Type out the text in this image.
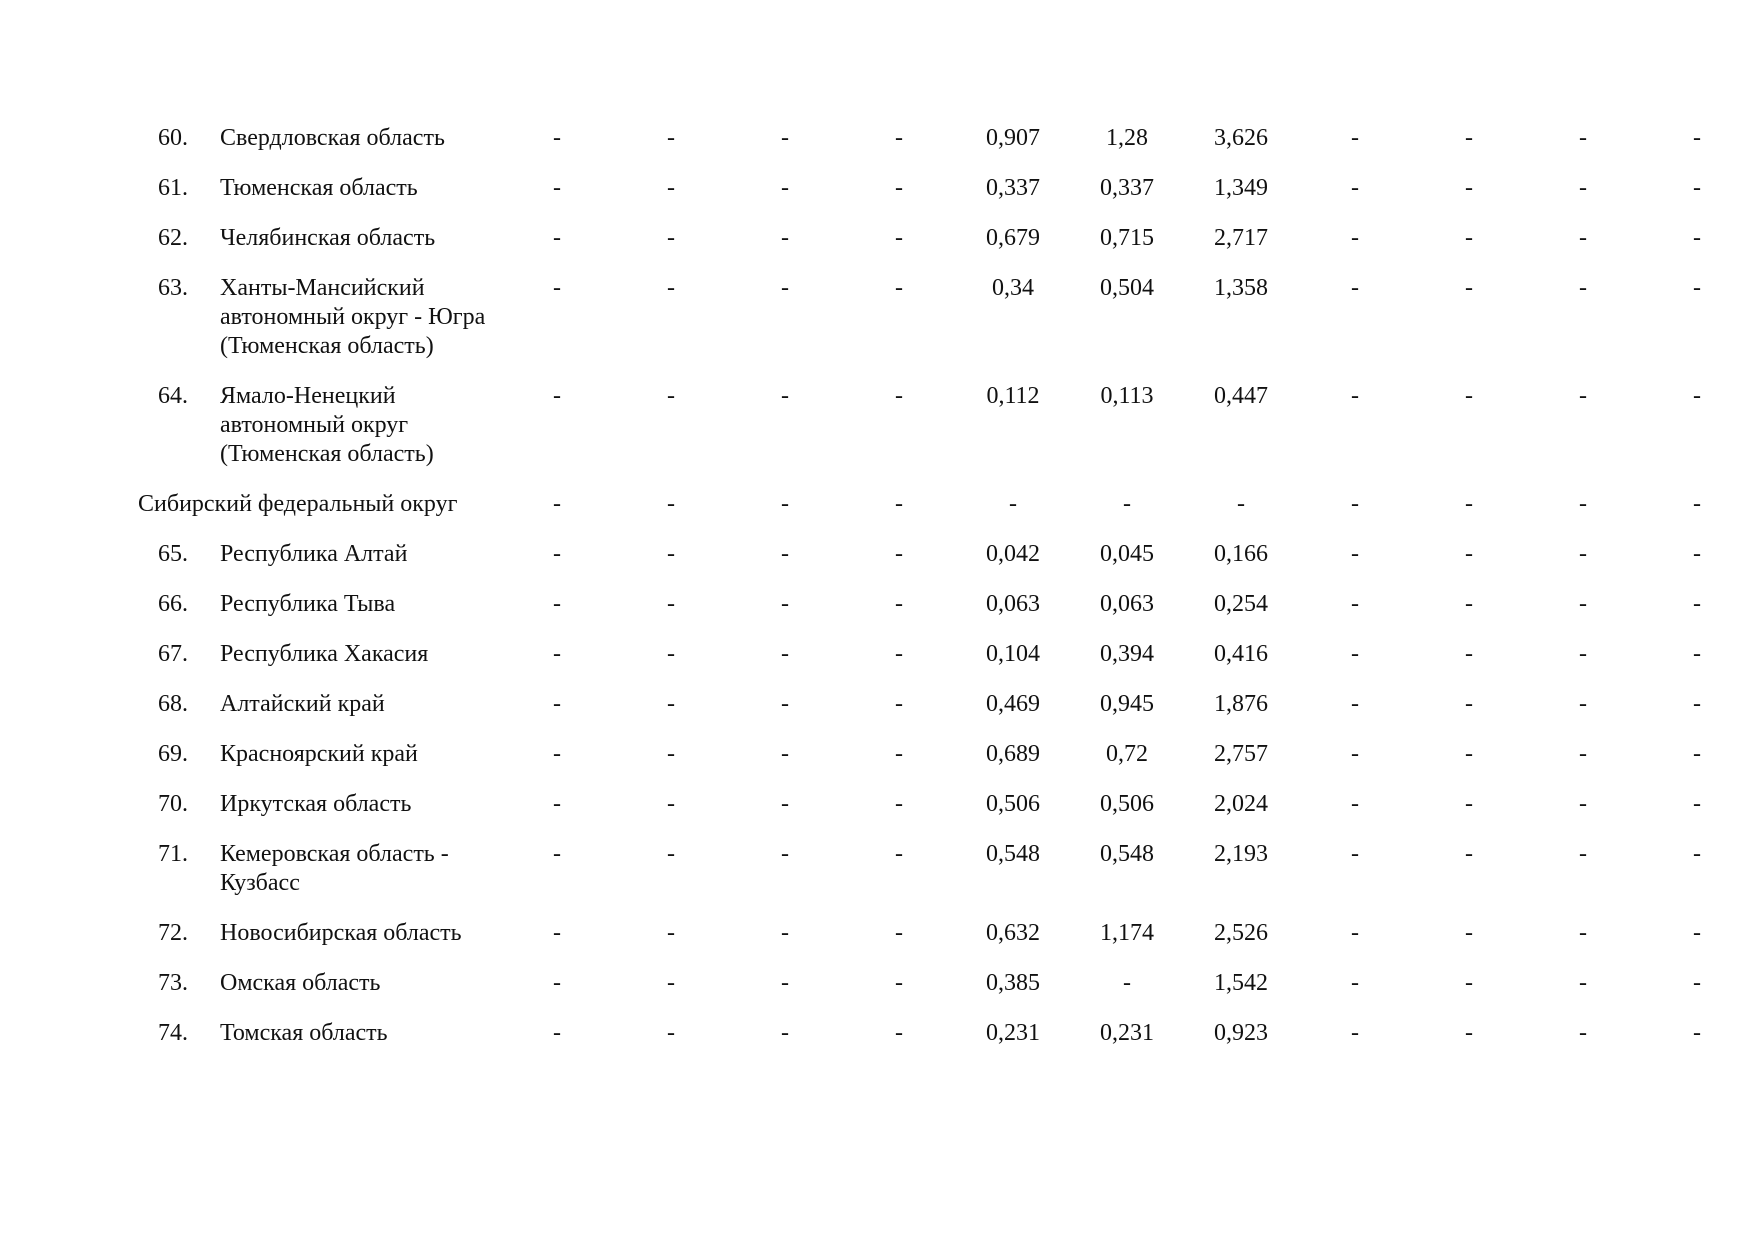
60.	Свердловская область	-	-	-	-	0,907	1,28	3,626	-	-	-	-
61.	Тюменская область	-	-	-	-	0,337	0,337	1,349	-	-	-	-
62.	Челябинская область	-	-	-	-	0,679	0,715	2,717	-	-	-	-
63.	Ханты-Мансийский автономный округ - Югра (Тюменская область)	-	-	-	-	0,34	0,504	1,358	-	-	-	-
64.	Ямало-Ненецкий автономный округ (Тюменская область)	-	-	-	-	0,112	0,113	0,447	-	-	-	-
Сибирский федеральный округ	-	-	-	-	-	-	-	-	-	-	-
65.	Республика Алтай	-	-	-	-	0,042	0,045	0,166	-	-	-	-
66.	Республика Тыва	-	-	-	-	0,063	0,063	0,254	-	-	-	-
67.	Республика Хакасия	-	-	-	-	0,104	0,394	0,416	-	-	-	-
68.	Алтайский край	-	-	-	-	0,469	0,945	1,876	-	-	-	-
69.	Красноярский край	-	-	-	-	0,689	0,72	2,757	-	-	-	-
70.	Иркутская область	-	-	-	-	0,506	0,506	2,024	-	-	-	-
71.	Кемеровская область - Кузбасс	-	-	-	-	0,548	0,548	2,193	-	-	-	-
72.	Новосибирская область	-	-	-	-	0,632	1,174	2,526	-	-	-	-
73.	Омская область	-	-	-	-	0,385	-	1,542	-	-	-	-
74.	Томская область	-	-	-	-	0,231	0,231	0,923	-	-	-	-
